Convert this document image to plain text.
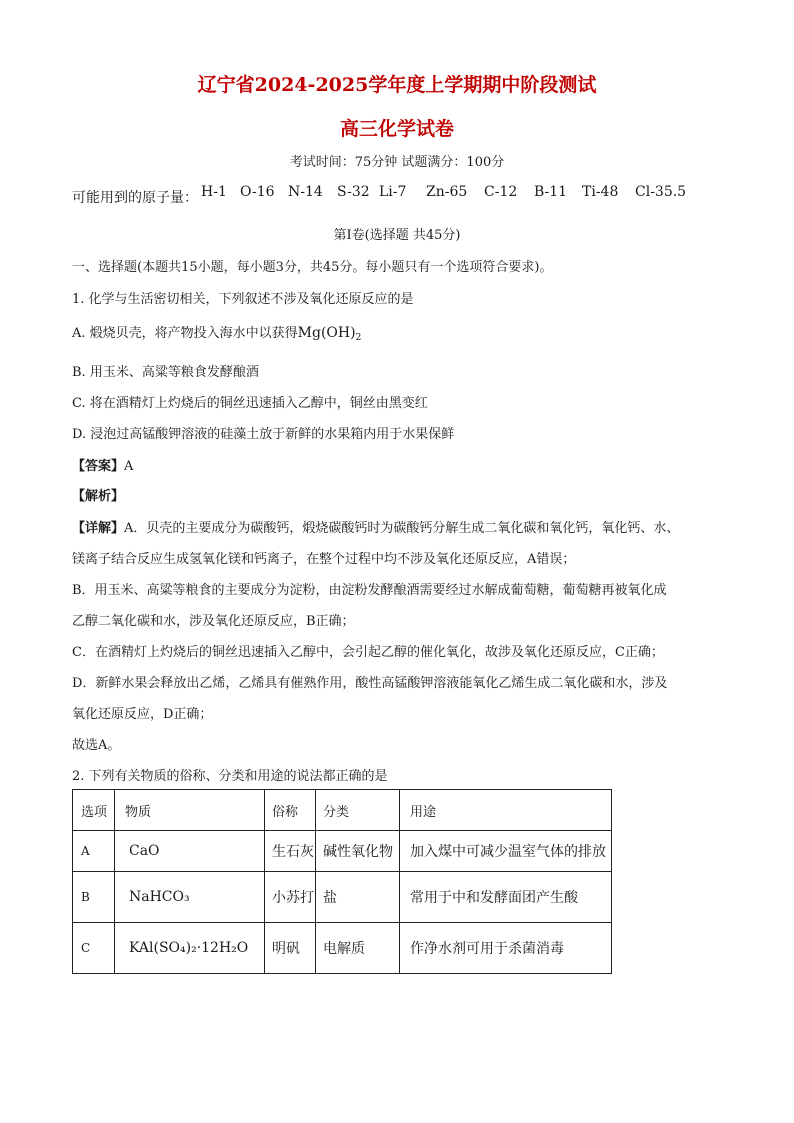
辽宁省2024-2025学年度上学期期中阶段测试
高三化学试卷
考试时间：75分钟 试题满分：100分
可能用到的原子量： H-1 O-16 N-14 S-32 Li-7 Zn-65 C-12 B-11 Ti-48 Cl-35.5
第Ⅰ卷(选择题 共45分)
一、选择题(本题共15小题，每小题3分，共45分。每小题只有一个选项符合要求)。
1. 化学与生活密切相关，下列叙述不涉及氧化还原反应的是
A. 煅烧贝壳，将产物投入海水中以获得$Mg(OH)_2$
B. 用玉米、高粱等粮食发酵酿酒
C. 将在酒精灯上灼烧后的铜丝迅速插入乙醇中，铜丝由黑变红
D. 浸泡过高锰酸钾溶液的硅藻土放于新鲜的水果箱内用于水果保鲜
【答案】A
【解析】
【详解】A．贝壳的主要成分为碳酸钙，煅烧碳酸钙时为碳酸钙分解生成二氧化碳和氧化钙，氧化钙、水、
镁离子结合反应生成氢氧化镁和钙离子，在整个过程中均不涉及氧化还原反应，A错误；
B．用玉米、高粱等粮食的主要成分为淀粉，由淀粉发酵酿酒需要经过水解成葡萄糖，葡萄糖再被氧化成
乙醇二氧化碳和水，涉及氧化还原反应，B正确；
C．在酒精灯上灼烧后的铜丝迅速插入乙醇中，会引起乙醇的催化氧化，故涉及氧化还原反应，C正确；
D．新鲜水果会释放出乙烯，乙烯具有催熟作用，酸性高锰酸钾溶液能氧化乙烯生成二氧化碳和水，涉及
氧化还原反应，D正确；
故选A。
2. 下列有关物质的俗称、分类和用途的说法都正确的是
选项	物质	俗称	分类	用途
A	CaO	生石灰	碱性氧化物	加入煤中可减少温室气体的排放
B	NaHCO₃	小苏打	盐	常用于中和发酵面团产生酸
C	KAl(SO₄)₂·12H₂O	明矾	电解质	作净水剂可用于杀菌消毒
